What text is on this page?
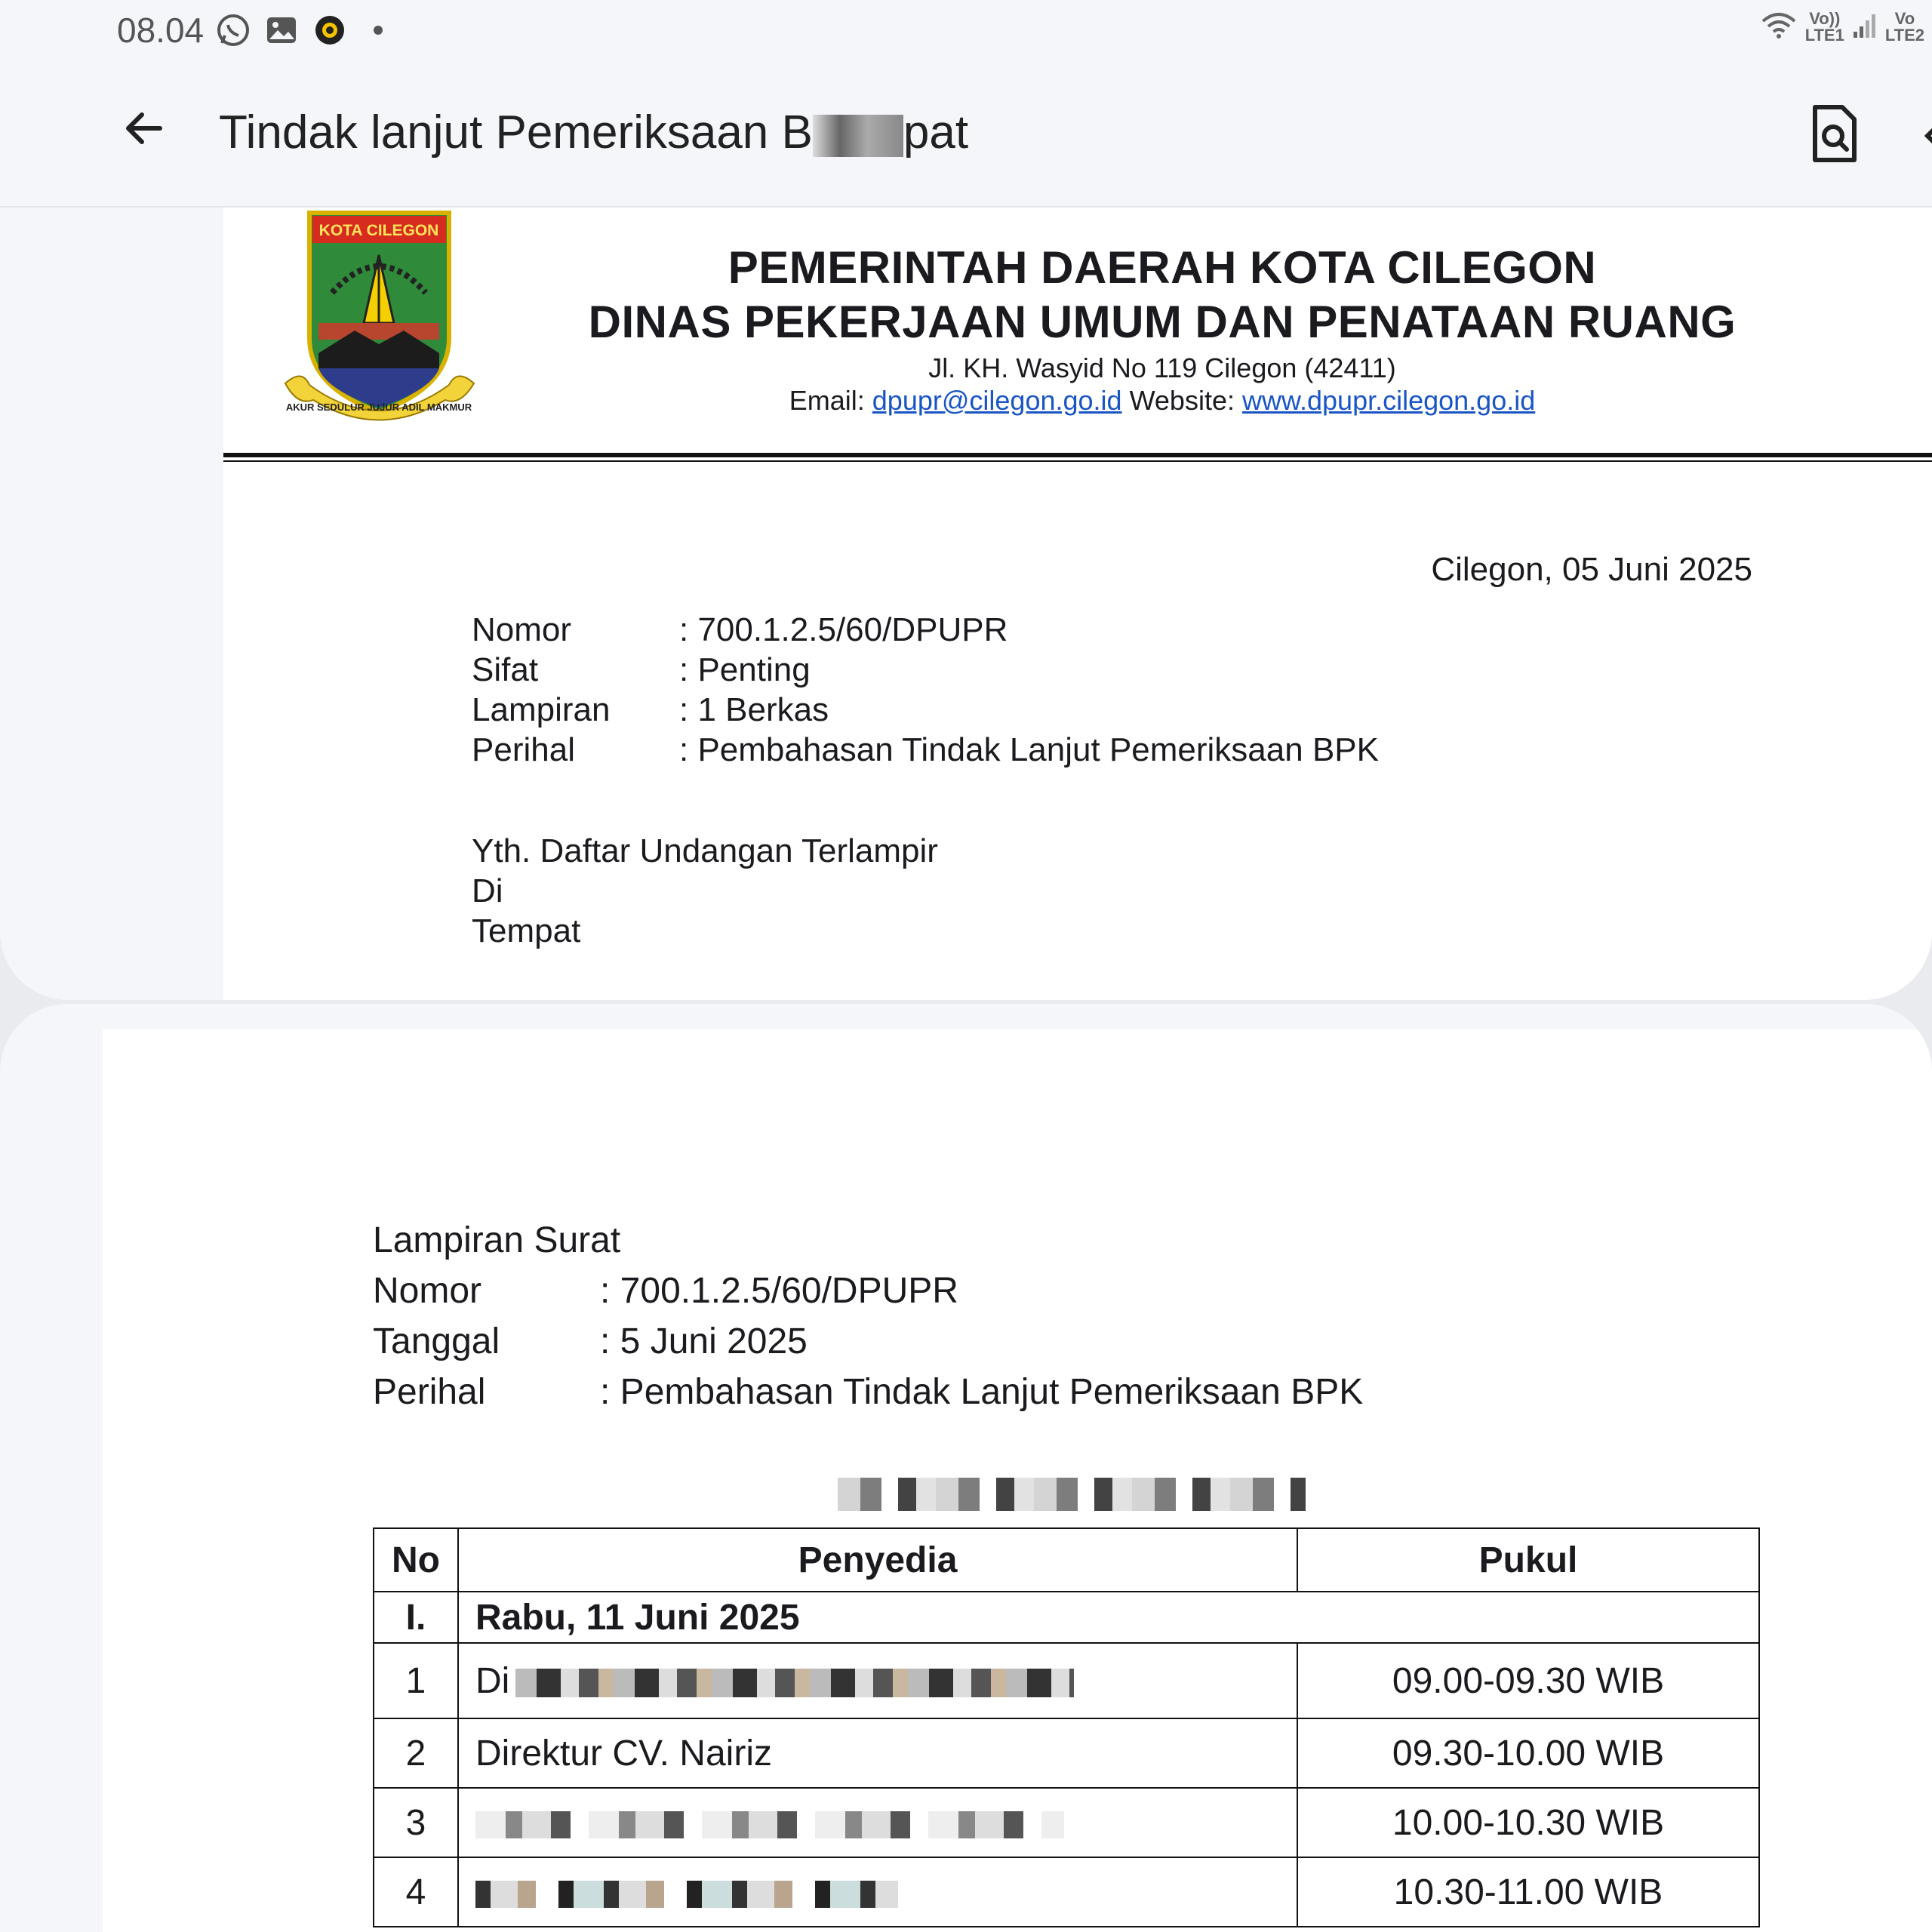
08.04	Vo))
LTE1
Vo
LTE2
Tindak lanjut Pemeriksaan B pat
KOTA CILEGON
AKUR SEDULUR JUJUR ADIL MAKMUR
PEMERINTAH DAERAH KOTA CILEGON
DINAS PEKERJAAN UMUM DAN PENATAAN RUANG
Jl. KH. Wasyid No 119 Cilegon (42411)
Email: dpupr@cilegon.go.id Website: www.dpupr.cilegon.go.id
Cilegon, 05 Juni 2025
Nomor	: 700.1.2.5/60/DPUPR
Sifat	: Penting
Lampiran : 1 Berkas
Perihal	: Pembahasan Tindak Lanjut Pemeriksaan BPK
Yth. Daftar Undangan Terlampir
Di
Tempat
Lampiran Surat
Nomor	: 700.1.2.5/60/DPUPR
Tanggal	: 5 Juni 2025
Perihal	: Pembahasan Tindak Lanjut Pemeriksaan BPK
No	Penyedia	Pukul
I.	Rabu, 11 Juni 2025	
1	Di	09.00-09.30 WIB
2	Direktur CV. Nairiz	09.30-10.00 WIB
3		10.00-10.30 WIB
4		10.30-11.00 WIB
